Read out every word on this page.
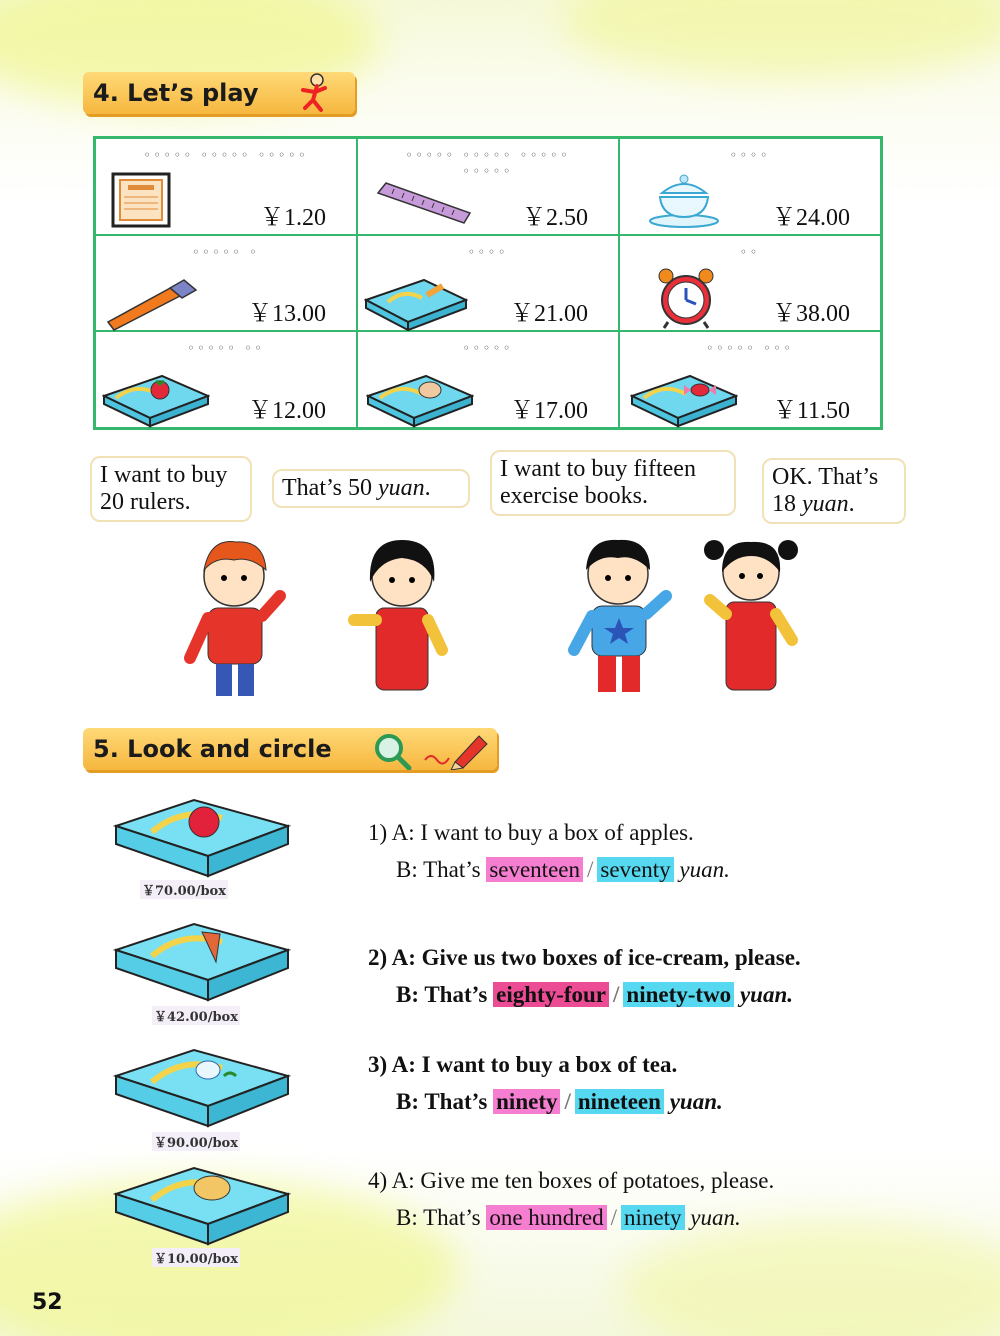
4. Let’s play
◦◦◦◦◦ ◦◦◦◦◦ ◦◦◦◦◦
￥1.20
◦◦◦◦◦ ◦◦◦◦◦ ◦◦◦◦◦ ◦◦◦◦◦
￥2.50
◦◦◦◦
￥24.00
◦◦◦◦◦ ◦
￥13.00
◦◦◦◦
￥21.00
◦◦
￥38.00
◦◦◦◦◦ ◦◦
￥12.00
◦◦◦◦◦
￥17.00
◦◦◦◦◦ ◦◦◦
￥11.50
I want to buy
20 rulers.
That’s 50 yuan.
I want to buy fifteen
exercise books.
OK. That’s
18 yuan.
5. Look and circle
￥70.00/box
￥42.00/box
￥90.00/box
￥10.00/box
1) A: I want to buy a box of apples.
B: That’s seventeen / seventy yuan.
2) A: Give us two boxes of ice-cream, please.
B: That’s eighty-four / ninety-two yuan.
3) A: I want to buy a box of tea.
B: That’s ninety / nineteen yuan.
4) A: Give me ten boxes of potatoes, please.
B: That’s one hundred / ninety yuan.
52
